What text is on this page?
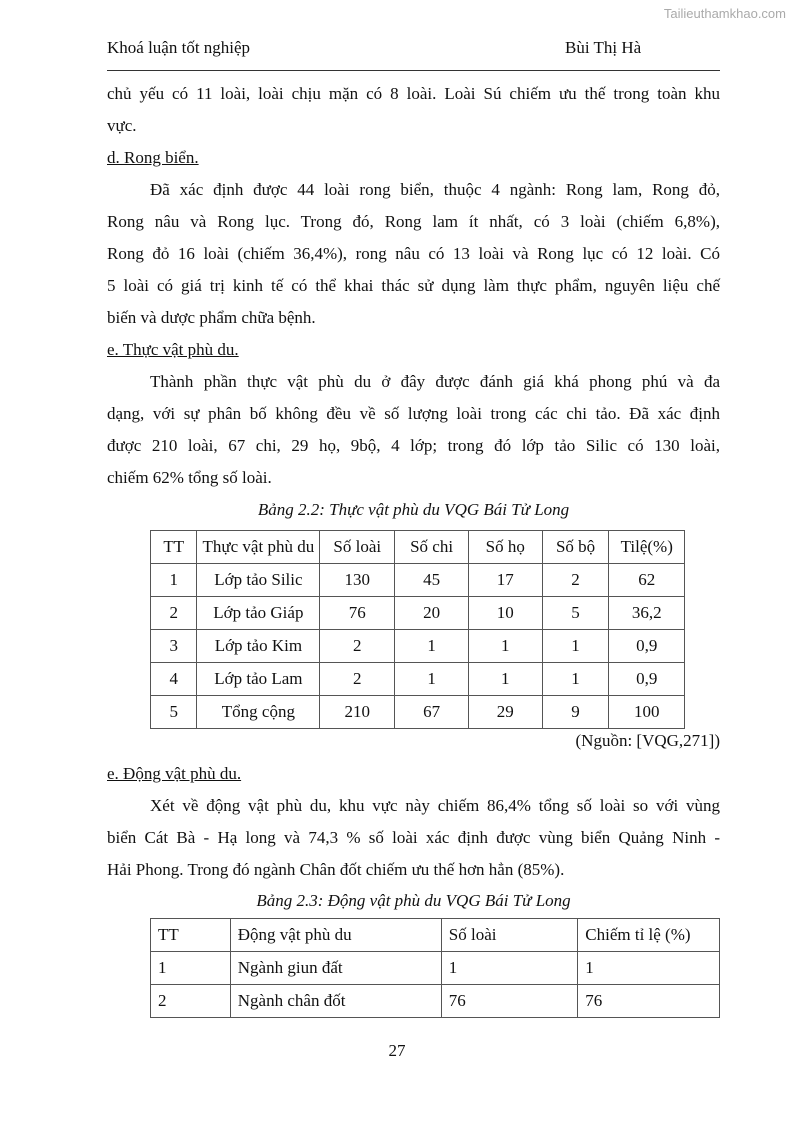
Tailieuthamkhao.com
Khoá luận tốt nghiệp	Bùi Thị Hà
chủ yếu có 11 loài, loài chịu mặn có 8 loài. Loài Sú chiếm ưu thế trong toàn khu
vực.
d. Rong biển.
Đã xác định được 44 loài rong biển, thuộc 4 ngành: Rong lam, Rong đỏ,
Rong nâu và Rong lục. Trong đó, Rong lam ít nhất, có 3 loài (chiếm 6,8%),
Rong đỏ 16 loài (chiếm 36,4%), rong nâu có 13 loài và Rong lục có 12 loài. Có
5 loài có giá trị kinh tế có thể khai thác sử dụng làm thực phẩm, nguyên liệu chế
biến và dược phẩm chữa bệnh.
e. Thực vật phù du.
Thành phần thực vật phù du ở đây được đánh giá khá phong phú và đa
dạng, với sự phân bố không đều về số lượng loài trong các chi tảo. Đã xác định
được 210 loài, 67 chi, 29 họ, 9bộ, 4 lớp; trong đó lớp tảo Silic có 130 loài,
chiếm 62% tổng số loài.
e. Động vật phù du.
Xét về động vật phù du, khu vực này chiếm 86,4% tổng số loài so với vùng
biển Cát Bà - Hạ long và 74,3 % số loài xác định được vùng biển Quảng Ninh -
Hải Phong. Trong đó ngành Chân đốt chiếm ưu thế hơn hẳn (85%).
Bảng 2.2: Thực vật phù du VQG Bái Tử Long
TT	Thực vật phù du	Số loài	Số chi	Số họ	Số bộ	Tilệ(%)
1	Lớp tảo Silic	130	45	17	2	62
2	Lớp tảo Giáp	76	20	10	5	36,2
3	Lớp tảo Kim	2	1	1	1	0,9
4	Lớp tảo Lam	2	1	1	1	0,9
5	Tổng cộng	210	67	29	9	100
(Nguồn: [VQG,271])
Bảng 2.3: Động vật phù du VQG Bái Tử Long
TT	Động vật phù du	Số loài	Chiếm tỉ lệ (%)
1	Ngành giun đất	1	1
2	Ngành chân đốt	76	76
27
